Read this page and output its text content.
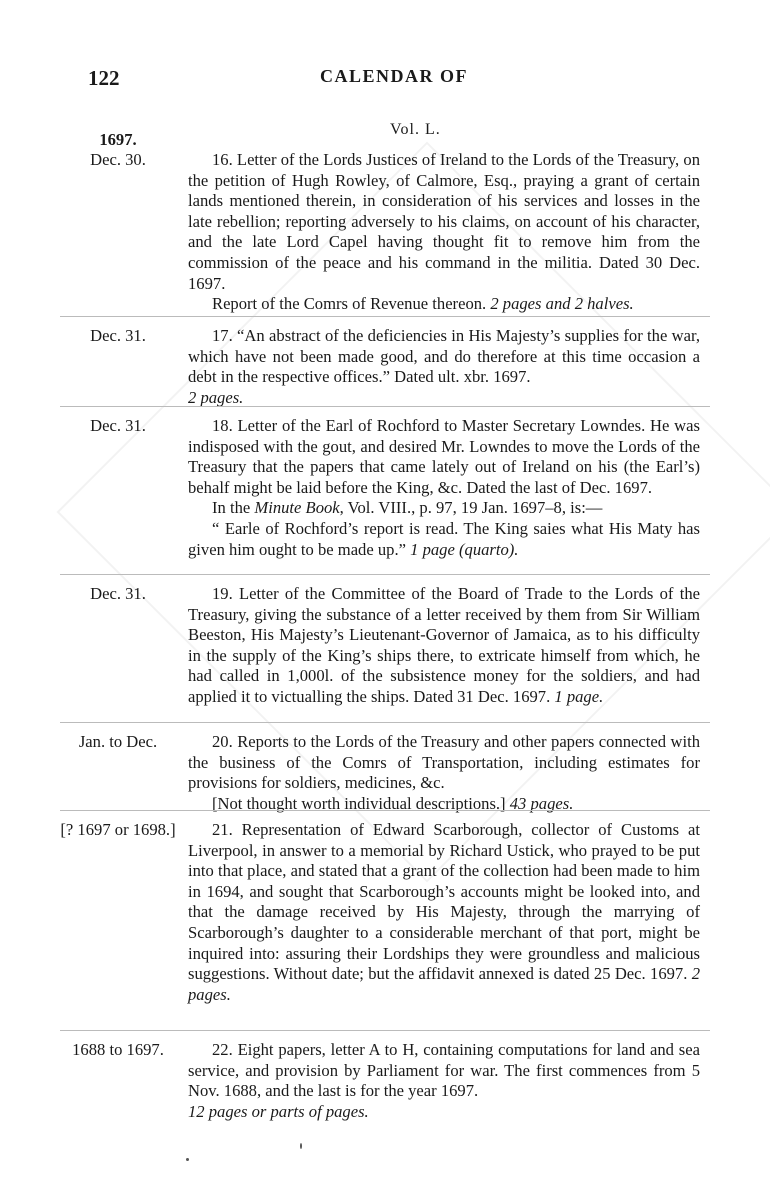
122	CALENDAR OF
Vol. L.
1697.
Dec. 30.	16. Letter of the Lords Justices of Ireland to the Lords of the Treasury, on the petition of Hugh Rowley, of Calmore, Esq., praying a grant of certain lands mentioned therein, in consideration of his services and losses in the late rebellion; reporting adversely to his claims, on account of his character, and the late Lord Capel having thought fit to remove him from the commission of the peace and his command in the militia. Dated 30 Dec. 1697.

Report of the Comrs of Revenue thereon. 2 pages and 2 halves.

Dec. 31.	17. “An abstract of the deficiencies in His Majesty’s supplies for the war, which have not been made good, and do therefore at this time occasion a debt in the respective offices.” Dated ult. xbr. 1697.

2 pages.
Dec. 31.	18. Letter of the Earl of Rochford to Master Secretary Lowndes. He was indisposed with the gout, and desired Mr. Lowndes to move the Lords of the Treasury that the papers that came lately out of Ireland on his (the Earl’s) behalf might be laid before the King, &c. Dated the last of Dec. 1697.

In the Minute Book, Vol. VIII., p. 97, 19 Jan. 1697–8, is:—

“ Earle of Rochford’s report is read. The King saies what His Maty has given him ought to be made up.” 1 page (quarto).

Dec. 31.	19. Letter of the Committee of the Board of Trade to the Lords of the Treasury, giving the substance of a letter received by them from Sir William Beeston, His Majesty’s Lieutenant-Governor of Jamaica, as to his difficulty in the supply of the King’s ships there, to extricate himself from which, he had called in 1,000l. of the subsistence money for the soldiers, and had applied it to victualling the ships. Dated 31 Dec. 1697. 1 page.

Jan. to Dec.	20. Reports to the Lords of the Treasury and other papers connected with the business of the Comrs of Transportation, including estimates for provisions for soldiers, medicines, &c.

[Not thought worth individual descriptions.] 43 pages.

[? 1697 or 1698.]	21. Representation of Edward Scarborough, collector of Customs at Liverpool, in answer to a memorial by Richard Ustick, who prayed to be put into that place, and stated that a grant of the collection had been made to him in 1694, and sought that Scarborough’s accounts might be looked into, and that the damage received by His Majesty, through the marrying of Scarborough’s daughter to a considerable merchant of that port, might be inquired into: assuring their Lordships they were groundless and malicious suggestions. Without date; but the affidavit annexed is dated 25 Dec. 1697. 2 pages.

1688 to 1697.	22. Eight papers, letter A to H, containing computations for land and sea service, and provision by Parliament for war. The first commences from 5 Nov. 1688, and the last is for the year 1697.

12 pages or parts of pages.
